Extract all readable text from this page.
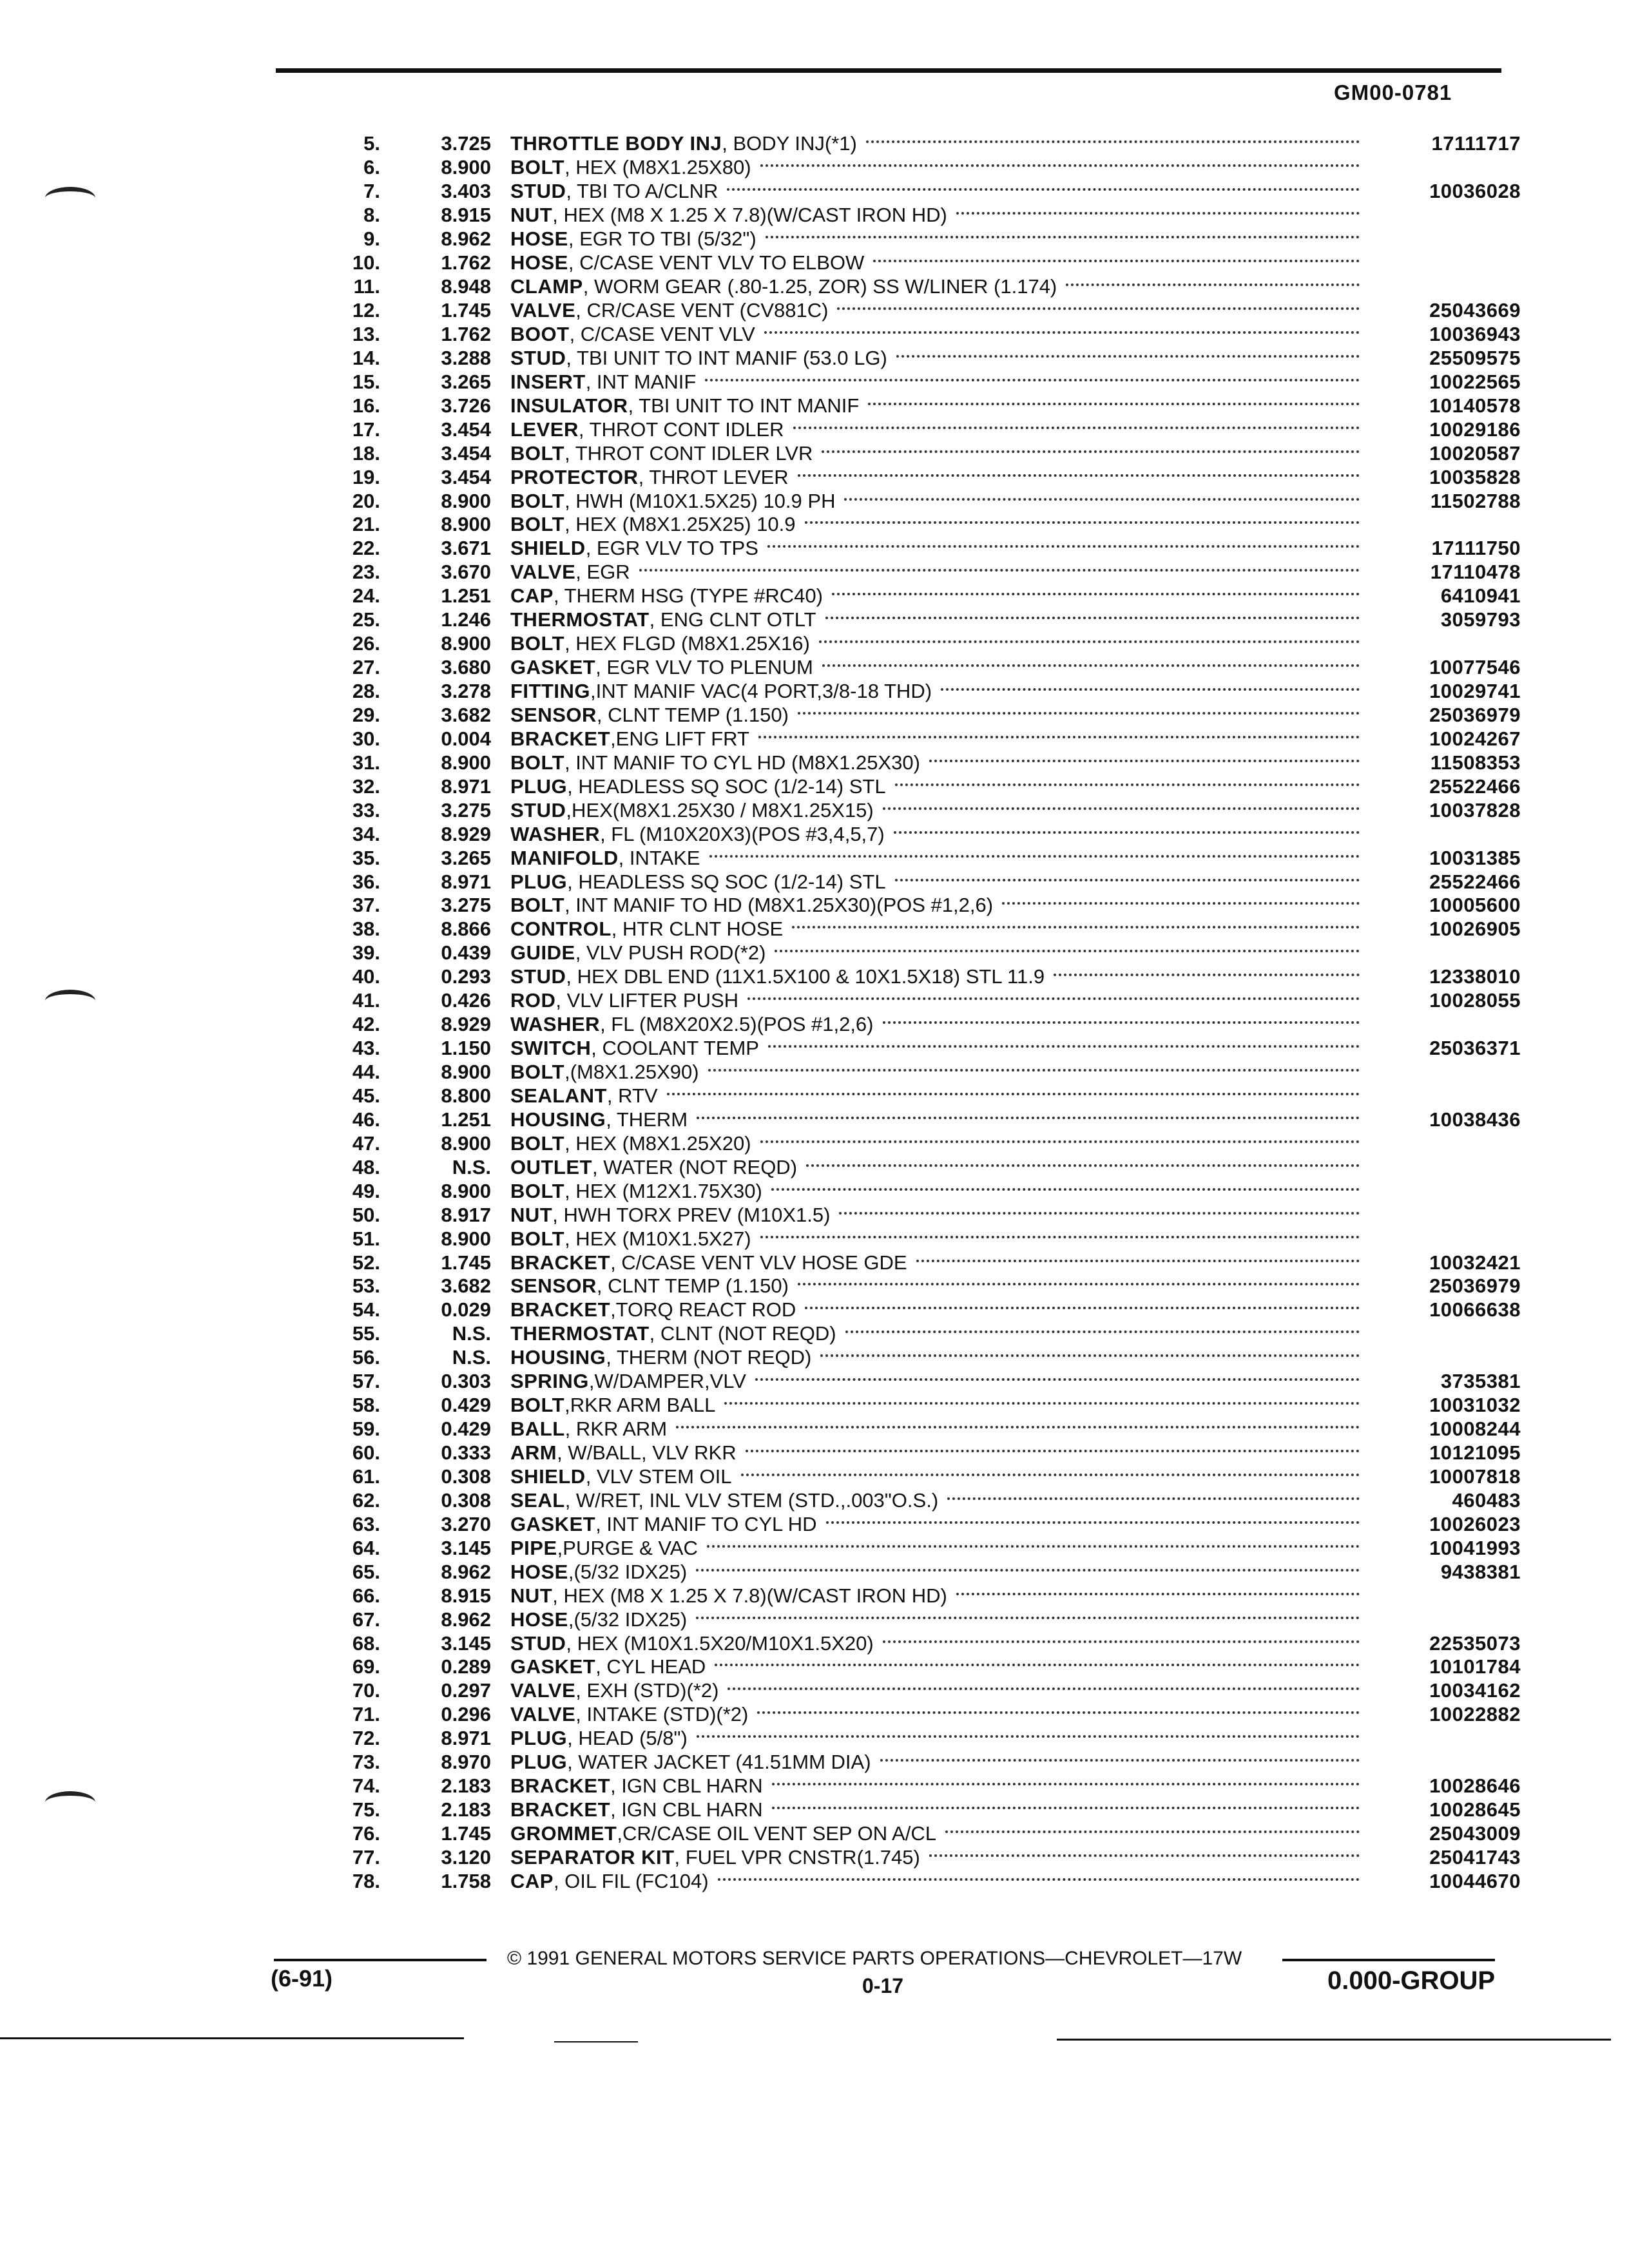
GM00-0781
5.	3.725 THROTTLE BODY INJ, BODY INJ(*1)	17111717
6.	8.900 BOLT, HEX (M8X1.25X80)
7.	3.403 STUD, TBI TO A/CLNR	10036028
8.	8.915 NUT, HEX (M8 X 1.25 X 7.8)(W/CAST IRON HD)
9.	8.962 HOSE, EGR TO TBI (5/32")
10.	1.762 HOSE, C/CASE VENT VLV TO ELBOW
11.	8.948 CLAMP, WORM GEAR (.80-1.25, ZOR) SS W/LINER (1.174)
12.	1.745 VALVE, CR/CASE VENT (CV881C)	25043669
13.	1.762 BOOT, C/CASE VENT VLV	10036943
14.	3.288 STUD, TBI UNIT TO INT MANIF (53.0 LG)	25509575
15.	3.265 INSERT, INT MANIF	10022565
16.	3.726 INSULATOR, TBI UNIT TO INT MANIF	10140578
17.	3.454 LEVER, THROT CONT IDLER	10029186
18.	3.454 BOLT, THROT CONT IDLER LVR	10020587
19.	3.454 PROTECTOR, THROT LEVER	10035828
20.	8.900 BOLT, HWH (M10X1.5X25) 10.9 PH	11502788
21.	8.900 BOLT, HEX (M8X1.25X25) 10.9
22.	3.671 SHIELD, EGR VLV TO TPS	17111750
23.	3.670 VALVE, EGR	17110478
24.	1.251 CAP, THERM HSG (TYPE #RC40)	6410941
25.	1.246 THERMOSTAT, ENG CLNT OTLT	3059793
26.	8.900 BOLT, HEX FLGD (M8X1.25X16)
27.	3.680 GASKET, EGR VLV TO PLENUM	10077546
28.	3.278 FITTING,INT MANIF VAC(4 PORT,3/8-18 THD)	10029741
29.	3.682 SENSOR, CLNT TEMP (1.150)	25036979
30.	0.004 BRACKET,ENG LIFT FRT	10024267
31.	8.900 BOLT, INT MANIF TO CYL HD (M8X1.25X30)	11508353
32.	8.971 PLUG, HEADLESS SQ SOC (1/2-14) STL	25522466
33.	3.275 STUD,HEX(M8X1.25X30 / M8X1.25X15)	10037828
34.	8.929 WASHER, FL (M10X20X3)(POS #3,4,5,7)
35.	3.265 MANIFOLD, INTAKE	10031385
36.	8.971 PLUG, HEADLESS SQ SOC (1/2-14) STL	25522466
37.	3.275 BOLT, INT MANIF TO HD (M8X1.25X30)(POS #1,2,6)	10005600
38.	8.866 CONTROL, HTR CLNT HOSE	10026905
39.	0.439 GUIDE, VLV PUSH ROD(*2)
40.	0.293 STUD, HEX DBL END (11X1.5X100 & 10X1.5X18) STL 11.9	12338010
41.	0.426 ROD, VLV LIFTER PUSH	10028055
42.	8.929 WASHER, FL (M8X20X2.5)(POS #1,2,6)
43.	1.150 SWITCH, COOLANT TEMP	25036371
44.	8.900 BOLT,(M8X1.25X90)
45.	8.800 SEALANT, RTV
46.	1.251 HOUSING, THERM	10038436
47.	8.900 BOLT, HEX (M8X1.25X20)
48.	N.S. OUTLET, WATER (NOT REQD)
49.	8.900 BOLT, HEX (M12X1.75X30)
50.	8.917 NUT, HWH TORX PREV (M10X1.5)
51.	8.900 BOLT, HEX (M10X1.5X27)
52.	1.745 BRACKET, C/CASE VENT VLV HOSE GDE	10032421
53.	3.682 SENSOR, CLNT TEMP (1.150)	25036979
54.	0.029 BRACKET,TORQ REACT ROD	10066638
55.	N.S. THERMOSTAT, CLNT (NOT REQD)
56.	N.S. HOUSING, THERM (NOT REQD)
57.	0.303 SPRING,W/DAMPER,VLV	3735381
58.	0.429 BOLT,RKR ARM BALL	10031032
59.	0.429 BALL, RKR ARM	10008244
60.	0.333 ARM, W/BALL, VLV RKR	10121095
61.	0.308 SHIELD, VLV STEM OIL	10007818
62.	0.308 SEAL, W/RET, INL VLV STEM (STD.,.003"O.S.)	460483
63.	3.270 GASKET, INT MANIF TO CYL HD	10026023
64.	3.145 PIPE,PURGE & VAC	10041993
65.	8.962 HOSE,(5/32 IDX25)	9438381
66.	8.915 NUT, HEX (M8 X 1.25 X 7.8)(W/CAST IRON HD)
67.	8.962 HOSE,(5/32 IDX25)
68.	3.145 STUD, HEX (M10X1.5X20/M10X1.5X20)	22535073
69.	0.289 GASKET, CYL HEAD	10101784
70.	0.297 VALVE, EXH (STD)(*2)	10034162
71.	0.296 VALVE, INTAKE (STD)(*2)	10022882
72.	8.971 PLUG, HEAD (5/8")
73.	8.970 PLUG, WATER JACKET (41.51MM DIA)
74.	2.183 BRACKET, IGN CBL HARN	10028646
75.	2.183 BRACKET, IGN CBL HARN	10028645
76.	1.745 GROMMET,CR/CASE OIL VENT SEP ON A/CL	25043009
77.	3.120 SEPARATOR KIT, FUEL VPR CNSTR(1.745)	25041743
78.	1.758 CAP, OIL FIL (FC104)	10044670
© 1991 GENERAL MOTORS SERVICE PARTS OPERATIONS—CHEVROLET—17W
(6-91)	0-17	0.000-GROUP
